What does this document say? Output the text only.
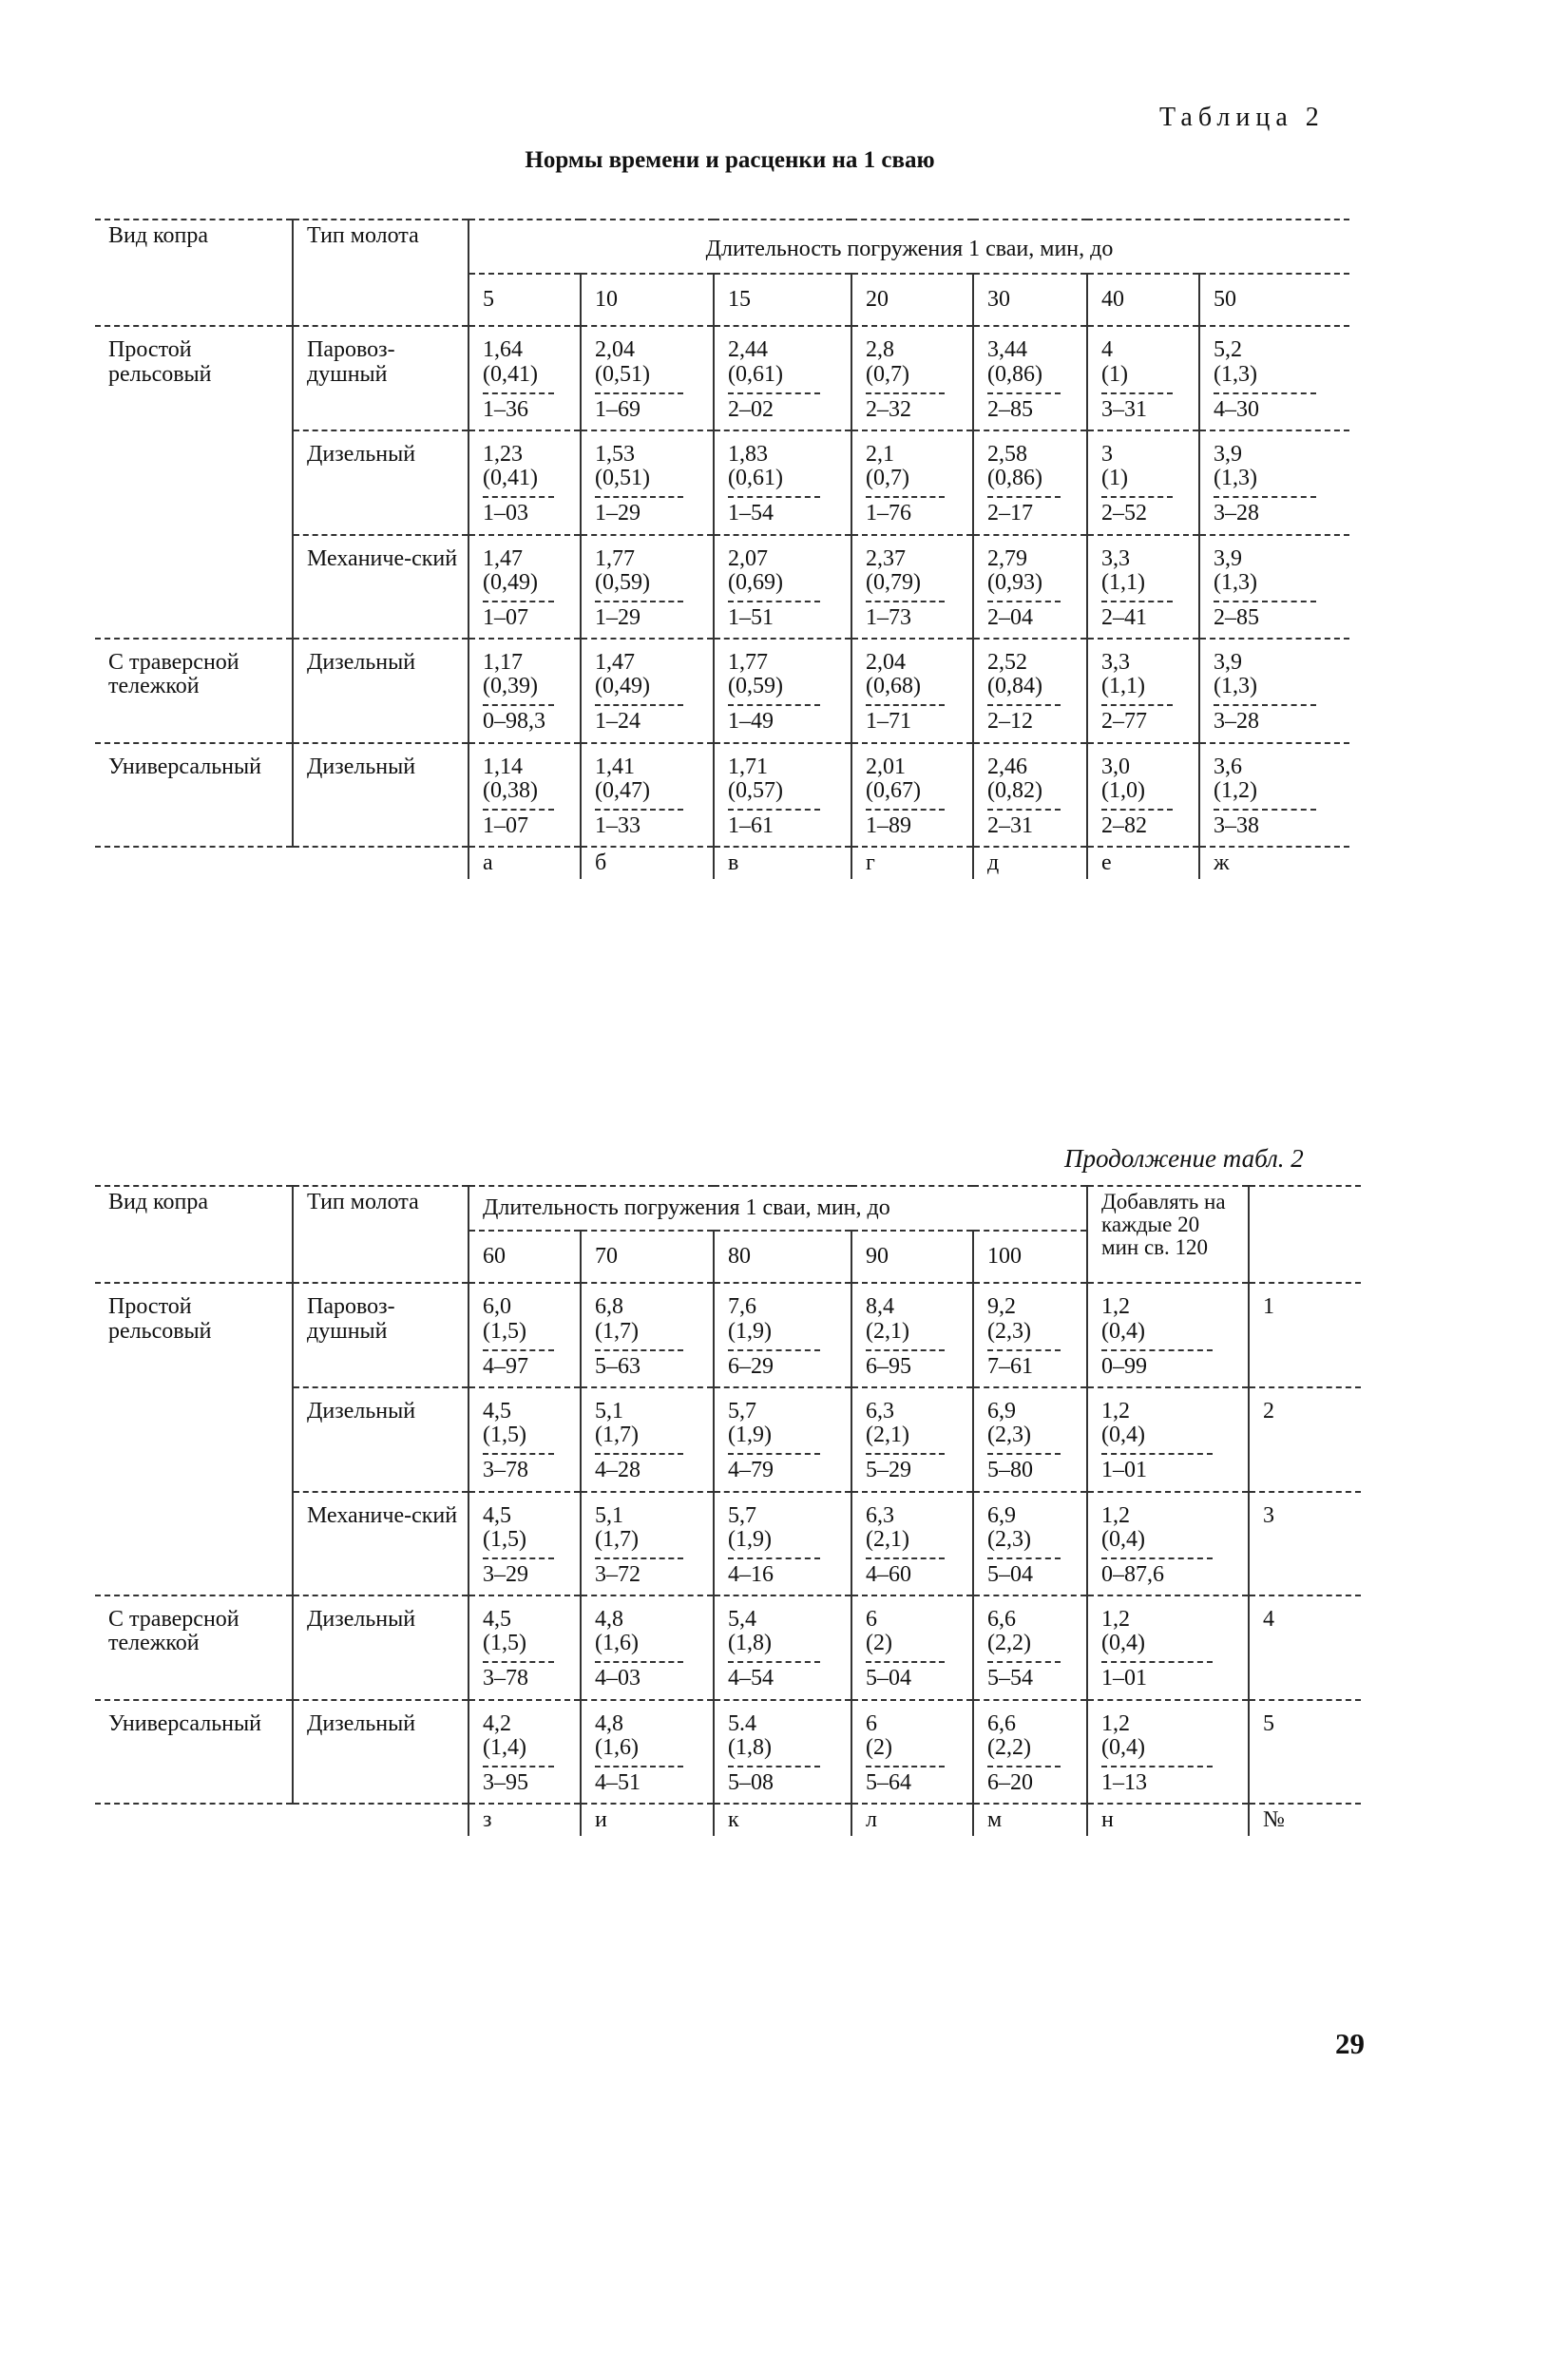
Таблица 2
Нормы времени и расценки на 1 сваю
Вид копра	Тип молота	Длительность погружения 1 сваи, мин, до						
		5	10	15	20	30	40	50
Простой рельсовый	Паровоз-душный	1,64
(0,41)
1–36	2,04
(0,51)
1–69	2,44
(0,61)
2–02	2,8
(0,7)
2–32	3,44
(0,86)
2–85	4
(1)
3–31	5,2
(1,3)
4–30

	Дизельный	1,23
(0,41)
1–03	1,53
(0,51)
1–29	1,83
(0,61)
1–54	2,1
(0,7)
1–76	2,58
(0,86)
2–17	3
(1)
2–52	3,9
(1,3)
3–28

	Механиче-ский	1,47
(0,49)
1–07	1,77
(0,59)
1–29	2,07
(0,69)
1–51	2,37
(0,79)
1–73	2,79
(0,93)
2–04	3,3
(1,1)
2–41	3,9
(1,3)
2–85

С траверсной тележкой	Дизельный	1,17
(0,39)
0–98,3	1,47
(0,49)
1–24	1,77
(0,59)
1–49	2,04
(0,68)
1–71	2,52
(0,84)
2–12	3,3
(1,1)
2–77	3,9
(1,3)
3–28

Универсальный	Дизельный	1,14
(0,38)
1–07	1,41
(0,47)
1–33	1,71
(0,57)
1–61	2,01
(0,67)
1–89	2,46
(0,82)
2–31	3,0
(1,0)
2–82	3,6
(1,2)
3–38

		а	б	в	г	д	е	ж
Продолжение табл. 2
Вид копра	Тип молота	Длительность погружения 1 сваи, мин, до					Добавлять на каждые 20 мин св. 120	
		60	70	80	90	100		
Простой рельсовый	Паровоз-душный	6,0
(1,5)
4–97	6,8
(1,7)
5–63	7,6
(1,9)
6–29	8,4
(2,1)
6–95	9,2
(2,3)
7–61	1,2
(0,4)
0–99	1
	Дизельный	4,5
(1,5)
3–78	5,1
(1,7)
4–28	5,7
(1,9)
4–79	6,3
(2,1)
5–29	6,9
(2,3)
5–80	1,2
(0,4)
1–01	2
	Механиче-ский	4,5
(1,5)
3–29	5,1
(1,7)
3–72	5,7
(1,9)
4–16	6,3
(2,1)
4–60	6,9
(2,3)
5–04	1,2
(0,4)
0–87,6	3
С траверсной тележкой	Дизельный	4,5
(1,5)
3–78	4,8
(1,6)
4–03	5,4
(1,8)
4–54	6
(2)
5–04	6,6
(2,2)
5–54	1,2
(0,4)
1–01	4
Универсальный	Дизельный	4,2
(1,4)
3–95	4,8
(1,6)
4–51	5.4
(1,8)
5–08	6
(2)
5–64	6,6
(2,2)
6–20	1,2
(0,4)
1–13	5
		з	и	к	л	м	н	№
29
